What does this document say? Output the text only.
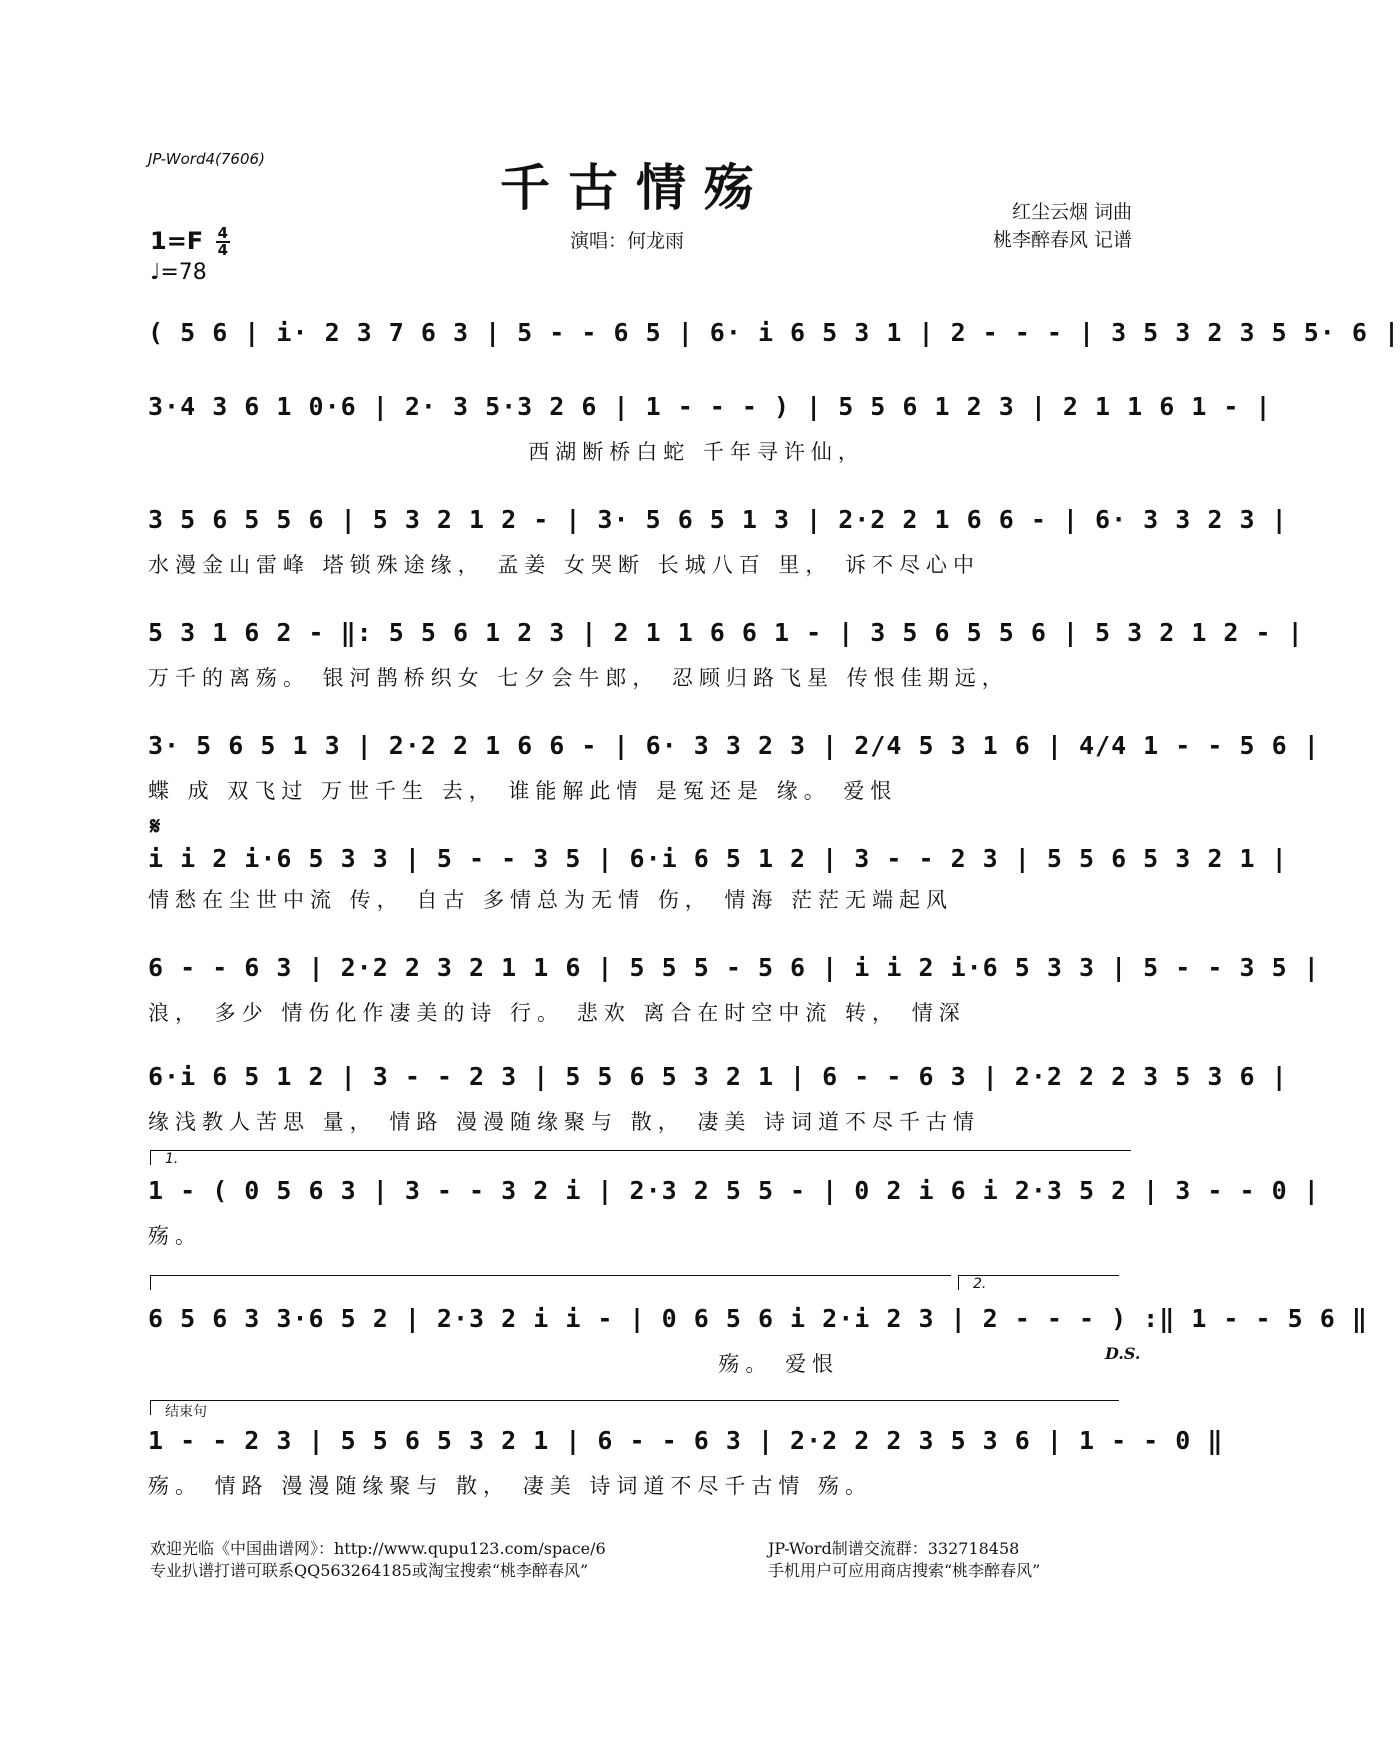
JP-Word4(7606)	千古情殇	红尘云烟 词曲
桃李醉春风 记谱
演唱：何龙雨
$1=F \frac{4}{4}$
♩=78
( 5 6 | i· 2 3 7 6 3 | 5 - - 6 5 | 6· i 6 5 3 1 | 2 - - - | 3 5 3 2 3 5 5· 6 |
3·4 3 6 1 0·6 | 2· 3 5·3 2 6 | 1 - - - ) | 5 5 6 1 2 3 | 2 1 1 6 1 - |
西湖断桥白蛇 千年寻许仙，
3 5 6 5 5 6 | 5 3 2 1 2 - | 3· 5 6 5 1 3 | 2·2 2 1 6 6 - | 6· 3 3 2 3 |
水漫金山雷峰 塔锁殊途缘， 孟姜 女哭断 长城八百 里， 诉不尽心中
5 3 1 6 2 - ‖: 5 5 6 1 2 3 | 2 1 1 6 6 1 - | 3 5 6 5 5 6 | 5 3 2 1 2 - |
万千的离殇。 银河鹊桥织女 七夕会牛郎， 忍顾归路飞星 传恨佳期远，
3· 5 6 5 1 3 | 2·2 2 1 6 6 - | 6· 3 3 2 3 | 2/4 5 3 1 6 | 4/4 1 - - 5 6 |
蝶 成 双飞过 万世千生 去， 谁能解此情 是冤还是 缘。 爱恨
𝄋
i i 2 i·6 5 3 3 | 5 - - 3 5 | 6·i 6 5 1 2 | 3 - - 2 3 | 5 5 6 5 3 2 1 |
情愁在尘世中流 传， 自古 多情总为无情 伤， 情海 茫茫无端起风
6 - - 6 3 | 2·2 2 3 2 1 1 6 | 5 5 5 - 5 6 | i i 2 i·6 5 3 3 | 5 - - 3 5 |
浪， 多少 情伤化作凄美的诗 行。 悲欢 离合在时空中流 转， 情深
6·i 6 5 1 2 | 3 - - 2 3 | 5 5 6 5 3 2 1 | 6 - - 6 3 | 2·2 2 2 3 5 3 6 |
缘浅教人苦思 量， 情路 漫漫随缘聚与 散， 凄美 诗词道不尽千古情
1.
1 - ( 0 5 6 3 | 3 - - 3 2 i | 2·3 2 5 5 - | 0 2 i 6 i 2·3 5 2 | 3 - - 0 |
殇。
2.
6 5 6 3 3·6 5 2 | 2·3 2 i i - | 0 6 5 6 i 2·i 2 3 | 2 - - - ) :‖ 1 - - 5 6 ‖
殇。 爱恨	D.S.
结束句
1 - - 2 3 | 5 5 6 5 3 2 1 | 6 - - 6 3 | 2·2 2 2 3 5 3 6 | 1 - - 0 ‖
殇。 情路 漫漫随缘聚与 散， 凄美 诗词道不尽千古情 殇。
欢迎光临《中国曲谱网》：http://www.qupu123.com/space/6
专业扒谱打谱可联系QQ563264185或淘宝搜索“桃李醉春风”
JP-Word制谱交流群：332718458
手机用户可应用商店搜索“桃李醉春风”
